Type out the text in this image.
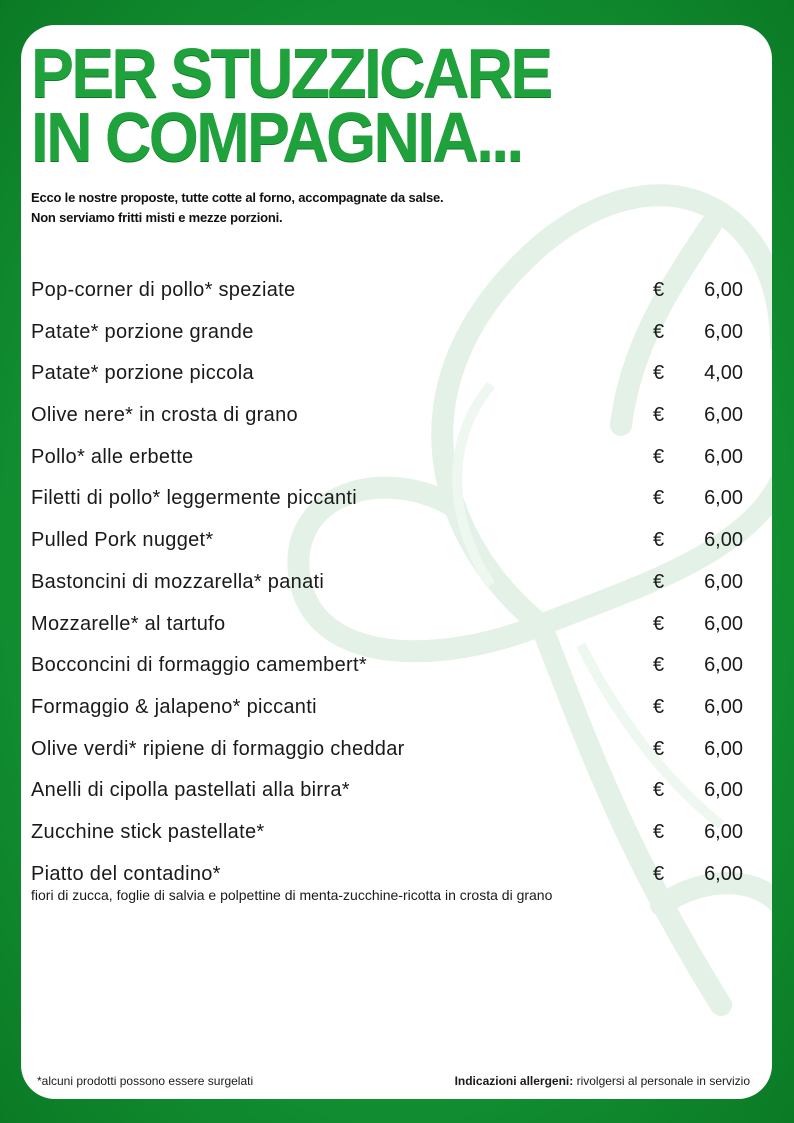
PER STUZZICARE
IN COMPAGNIA...
Ecco le nostre proposte, tutte cotte al forno, accompagnate da salse.
Non serviamo fritti misti e mezze porzioni.
Pop-corner di pollo* speziate	€ 6,00
Patate* porzione grande	€ 6,00
Patate* porzione piccola	€ 4,00
Olive nere* in crosta di grano	€ 6,00
Pollo* alle erbette	€ 6,00
Filetti di pollo* leggermente piccanti	€ 6,00
Pulled Pork nugget*	€ 6,00
Bastoncini di mozzarella* panati	€ 6,00
Mozzarelle* al tartufo	€ 6,00
Bocconcini di formaggio camembert*	€ 6,00
Formaggio & jalapeno* piccanti	€ 6,00
Olive verdi* ripiene di formaggio cheddar	€ 6,00
Anelli di cipolla pastellati alla birra*	€ 6,00
Zucchine stick pastellate*	€ 6,00
Piatto del contadino*	€ 6,00
fiori di zucca, foglie di salvia e polpettine di menta-zucchine-ricotta in crosta di grano
*alcuni prodotti possono essere surgelati	Indicazioni allergeni: rivolgersi al personale in servizio
